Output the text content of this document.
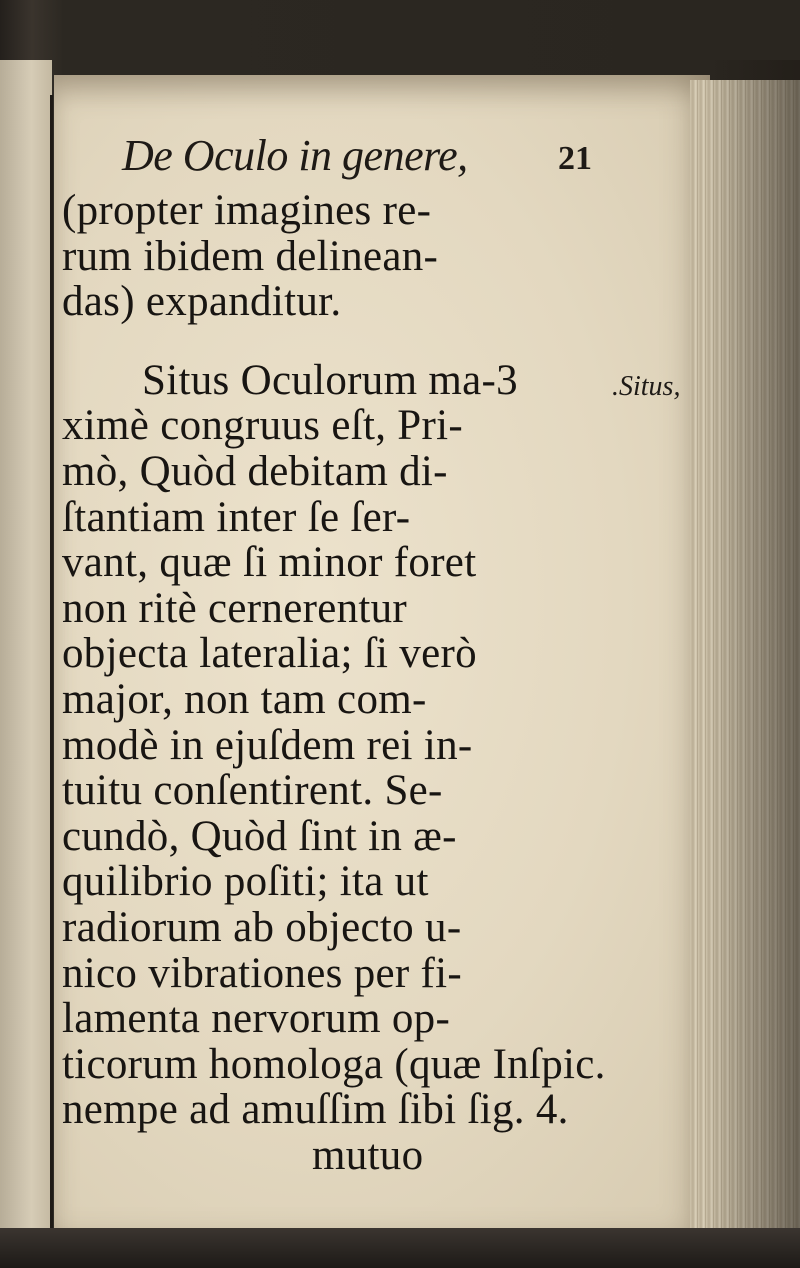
De Oculo in genere,	21
.Situs,
(propter imagines re-
rum ibidem delinean-
das) expanditur.
Situs Oculorum ma-3
ximè congruus eſt, Pri-
mò, Quòd debitam di-
ſtantiam inter ſe ſer-
vant, quæ ſi minor foret
non ritè cernerentur
objecta lateralia; ſi verò
major, non tam com-
modè in ejuſdem rei in-
tuitu conſentirent. Se-
cundò, Quòd ſint in æ-
quilibrio poſiti; ita ut
radiorum ab objecto u-
nico vibrationes per fi-
lamenta nervorum op-
ticorum homologa (quæ Inſpic.
nempe ad amuſſim ſibi ſig. 4.
mutuo
